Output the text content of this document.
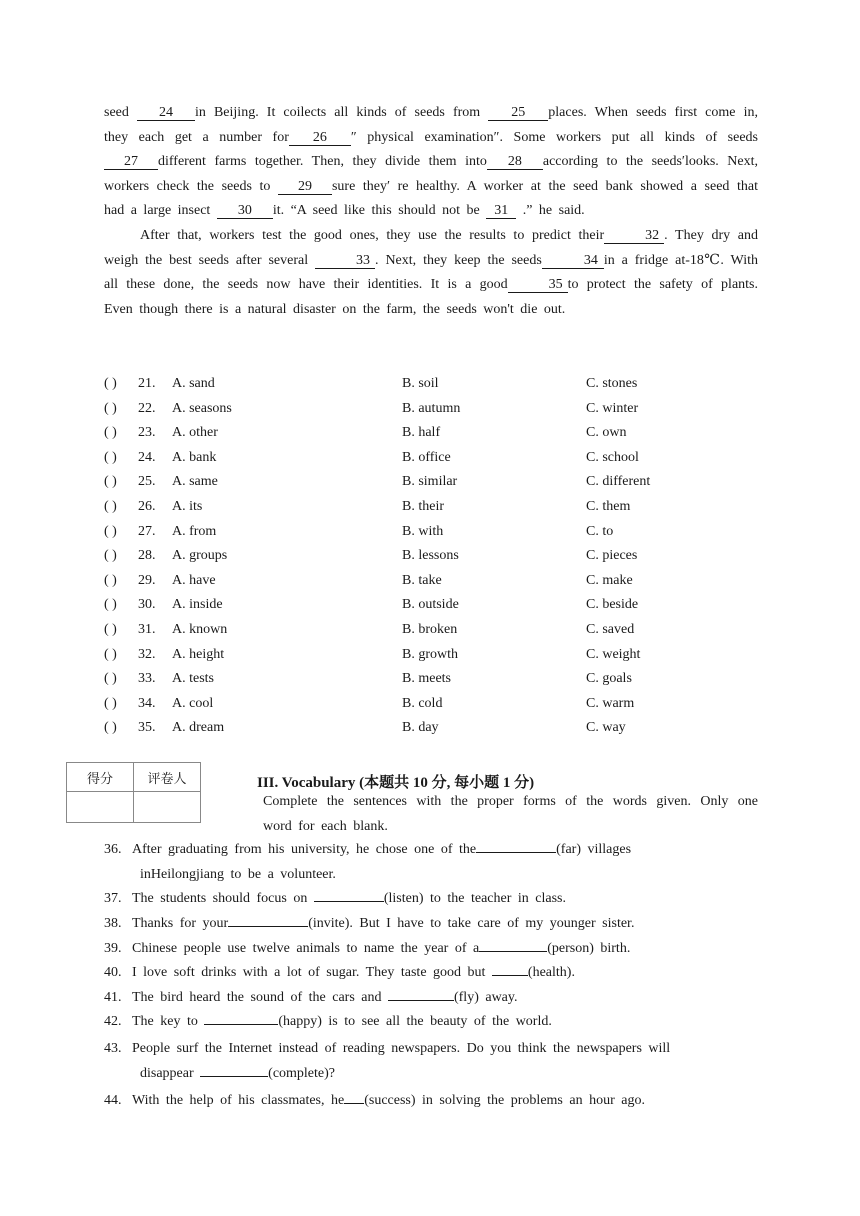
seed 24 in Beijing. It coilects all kinds of seeds from 25 places. When seeds first come in, they each get a number for 26 ″ physical examination″. Some workers put all kinds of seeds 27 different farms together. Then, they divide them into 28 according to the seeds′looks. Next, workers check the seeds to 29 sure they′ re healthy. A worker at the seed bank showed a seed that had a large insect 30 it. “A seed like this should not be 31 .” he said.

After that, workers test the good ones, they use the results to predict their	32 . They dry and weigh the best seeds after several	33 . Next, they keep the seeds	34 in a fridge at-18℃. With all these done, the seeds now have their identities. It is a good	35 to protect the safety of plants. Even though there is a natural disaster on the farm, the seeds won't die out.

( ) 21. A. sand	B. soil	C. stones
( ) 22. A. seasons	B. autumn	C. winter
( ) 23. A. other	B. half	C. own
( ) 24. A. bank	B. office	C. school
( ) 25. A. same	B. similar	C. different
( ) 26. A. its	B. their	C. them
( ) 27. A. from	B. with	C. to
( ) 28. A. groups	B. lessons	C. pieces
( ) 29. A. have	B. take	C. make
( ) 30. A. inside	B. outside	C. beside
( ) 31. A. known	B. broken	C. saved
( ) 32. A. height	B. growth	C. weight
( ) 33. A. tests	B. meets	C. goals
( ) 34. A. cool	B. cold	C. warm
( ) 35. A. dream	B. day	C. way
得分	评卷人
		III. Vocabulary (本题共 10 分, 每小题 1 分)
Complete the sentences with the proper forms of the words given. Only one word for each blank.
36. After graduating from his university, he chose one of the	(far) villages
inHeilongjiang to be a volunteer.
37. The students should focus on	(listen) to the teacher in class.
38. Thanks for your	(invite). But I have to take care of my younger sister.
39. Chinese people use twelve animals to name the year of a	(person) birth.
40. I love soft drinks with a lot of sugar. They taste good but	(health).
41. The bird heard the sound of the cars and	(fly) away.
42. The key to	(happy) is to see all the beauty of the world.
43. People surf the Internet instead of reading newspapers. Do you think the newspapers will
disappear	(complete)?
44. With the help of his classmates, he (success) in solving the problems an hour ago.
